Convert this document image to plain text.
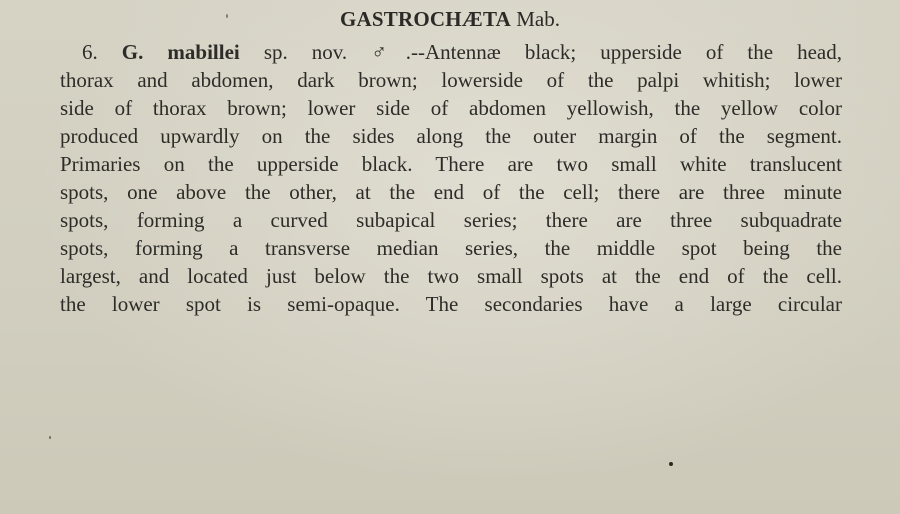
GASTROCHÆTA Mab.
6. G. mabillei sp. nov. ♂.--Antennæ black; upperside of the head,
thorax and abdomen, dark brown; lowerside of the palpi whitish; lower
side of thorax brown; lower side of abdomen yellowish, the yellow color
produced upwardly on the sides along the outer margin of the segment.
Primaries on the upperside black. There are two small white translucent
spots, one above the other, at the end of the cell; there are three minute
spots, forming a curved subapical series; there are three subquadrate
spots, forming a transverse median series, the middle spot being the
largest, and located just below the two small spots at the end of the cell.
the lower spot is semi-opaque. The secondaries have a large circular
